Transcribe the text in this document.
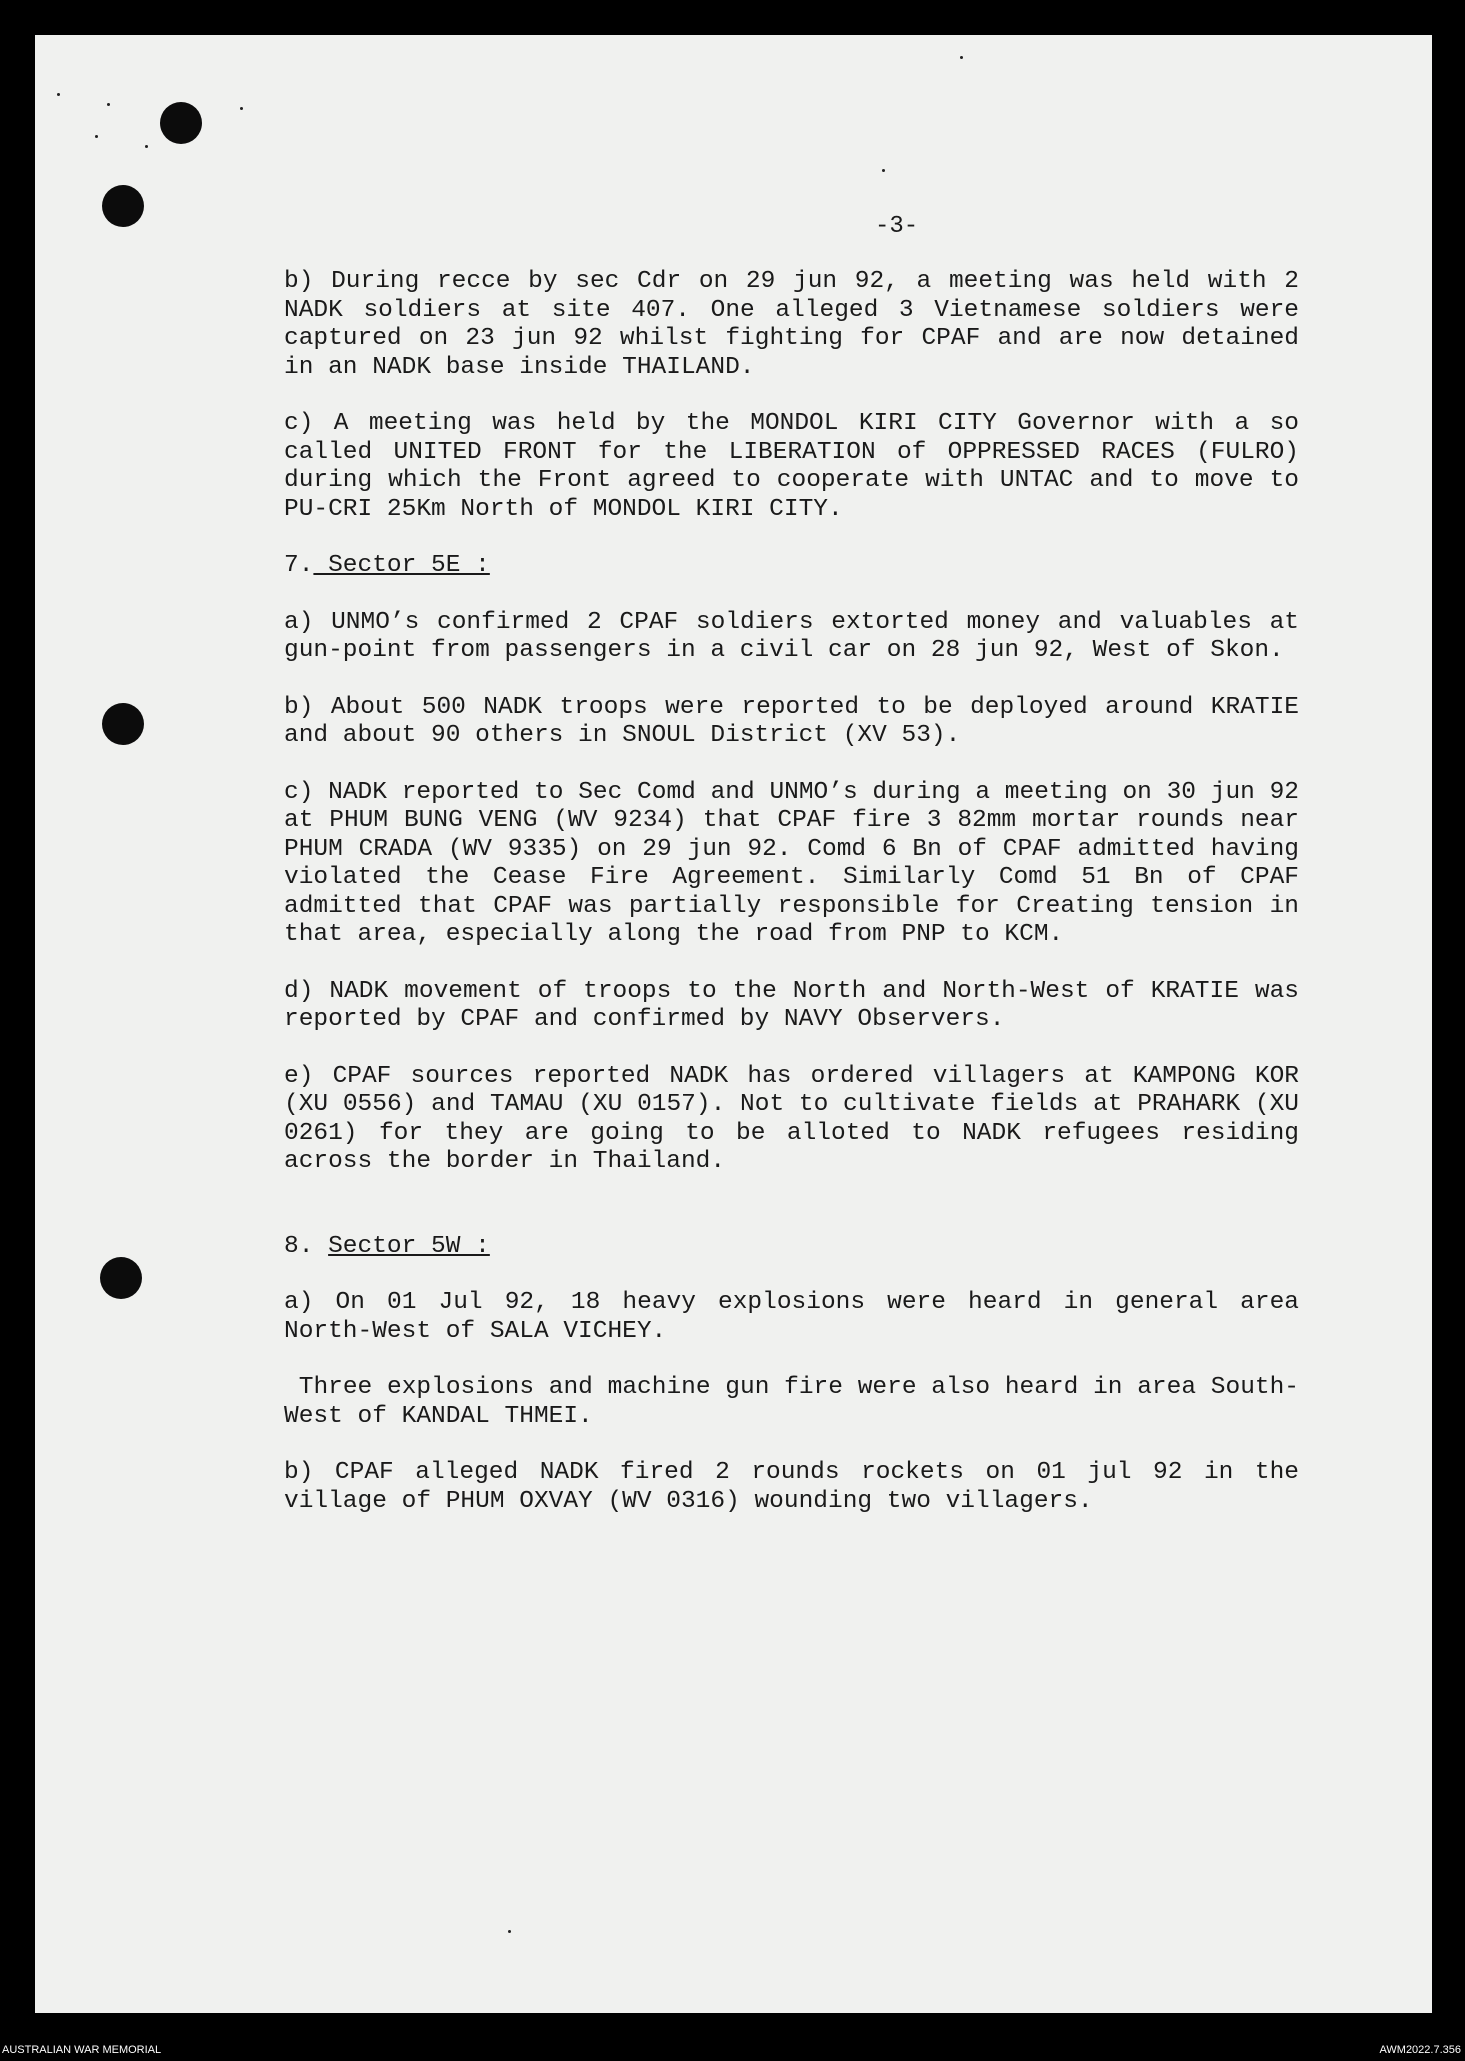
-3-

b) During recce by sec Cdr on 29 jun 92, a meeting was held with 2 NADK soldiers at site 407. One alleged 3 Vietnamese soldiers were captured on 23 jun 92 whilst fighting for CPAF and are now detained in an NADK base inside THAILAND.

c) A meeting was held by the MONDOL KIRI CITY Governor with a so called UNITED FRONT for the LIBERATION of OPPRESSED RACES (FULRO) during which the Front agreed to cooperate with UNTAC and to move to PU-CRI 25Km North of MONDOL KIRI CITY.

7. Sector 5E :

a) UNMO’s confirmed 2 CPAF soldiers extorted money and valuables at gun-point from passengers in a civil car on 28 jun 92, West of Skon.

b) About 500 NADK troops were reported to be deployed around KRATIE and about 90 others in SNOUL District (XV 53).

c) NADK reported to Sec Comd and UNMO’s during a meeting on 30 jun 92 at PHUM BUNG VENG (WV 9234) that CPAF fire 3 82mm mortar rounds near PHUM CRADA (WV 9335) on 29 jun 92. Comd 6 Bn of CPAF admitted having violated the Cease Fire Agreement. Similarly Comd 51 Bn of CPAF admitted that CPAF was partially responsible for Creating tension in that area, especially along the road from PNP to KCM.

d) NADK movement of troops to the North and North-West of KRATIE was reported by CPAF and confirmed by NAVY Observers.

e) CPAF sources reported NADK has ordered villagers at KAMPONG KOR (XU 0556) and TAMAU (XU 0157). Not to cultivate fields at PRAHARK (XU 0261) for they are going to be alloted to NADK refugees residing across the border in Thailand.

8. Sector 5W :

a) On 01 Jul 92, 18 heavy explosions were heard in general area North-West of SALA VICHEY.

Three explosions and machine gun fire were also heard in area South-West of KANDAL THMEI.

b) CPAF alleged NADK fired 2 rounds rockets on 01 jul 92 in the village of PHUM OXVAY (WV 0316) wounding two villagers.

AUSTRALIAN WAR MEMORIAL	AWM2022.7.356
